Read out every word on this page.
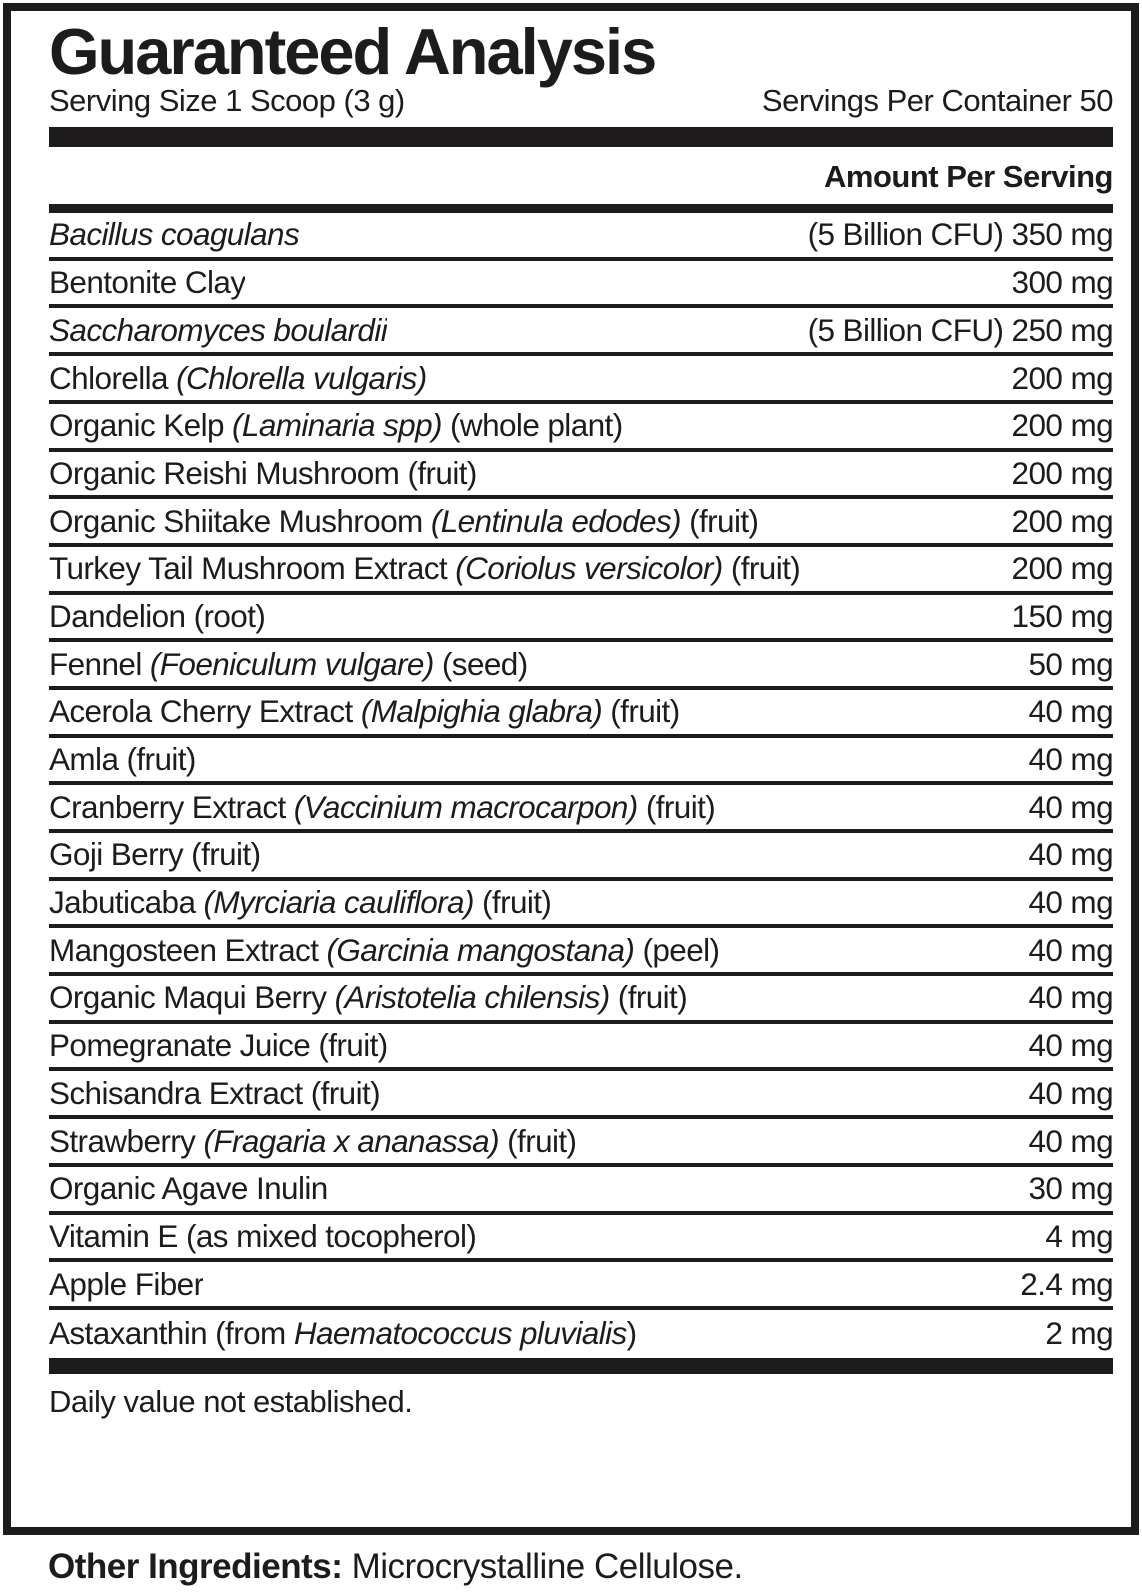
Guaranteed Analysis
Serving Size 1 Scoop (3 g)	Servings Per Container 50
Amount Per Serving
Bacillus coagulans	(5 Billion CFU) 350 mg
Bentonite Clay	300 mg
Saccharomyces boulardii	(5 Billion CFU) 250 mg
Chlorella (Chlorella vulgaris)	200 mg
Organic Kelp (Laminaria spp) (whole plant)	200 mg
Organic Reishi Mushroom (fruit)	200 mg
Organic Shiitake Mushroom (Lentinula edodes) (fruit)	200 mg
Turkey Tail Mushroom Extract (Coriolus versicolor) (fruit)	200 mg
Dandelion (root)	150 mg
Fennel (Foeniculum vulgare) (seed)	50 mg
Acerola Cherry Extract (Malpighia glabra) (fruit)	40 mg
Amla (fruit)	40 mg
Cranberry Extract (Vaccinium macrocarpon) (fruit)	40 mg
Goji Berry (fruit)	40 mg
Jabuticaba (Myrciaria cauliflora) (fruit)	40 mg
Mangosteen Extract (Garcinia mangostana) (peel)	40 mg
Organic Maqui Berry (Aristotelia chilensis) (fruit)	40 mg
Pomegranate Juice (fruit)	40 mg
Schisandra Extract (fruit)	40 mg
Strawberry (Fragaria x ananassa) (fruit)	40 mg
Organic Agave Inulin	30 mg
Vitamin E (as mixed tocopherol)	4 mg
Apple Fiber	2.4 mg
Astaxanthin (from Haematococcus pluvialis)	2 mg
Daily value not established.

Other Ingredients: Microcrystalline Cellulose.
